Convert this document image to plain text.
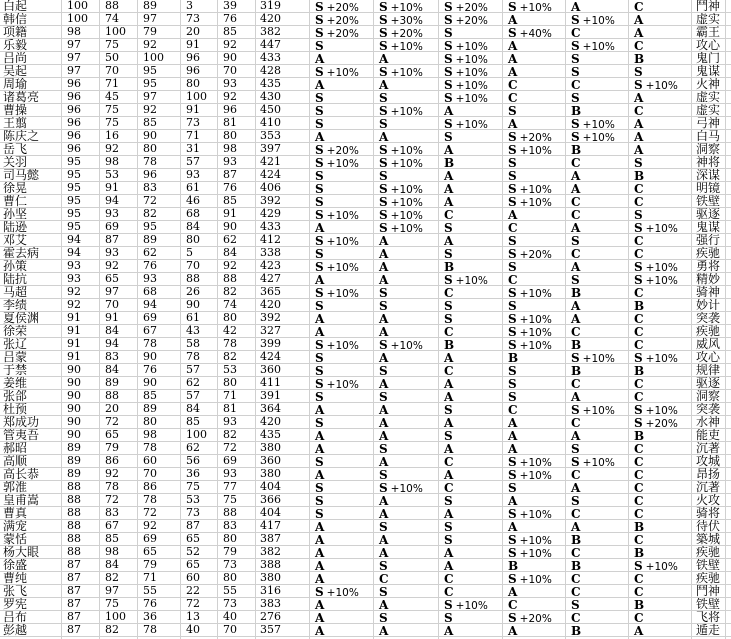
白起	100	88	89	3	39	319	S +20%	S +10%	S +20%	S +10%	A	C	鬥神
韩信	100	74	97	73	76	420	S +20%	S +30%	S +20%	A	S +10%	A	虚实
项籍	98	100	79	20	85	382	S +20%	S +20%	S	S +40%	C	A	霸王
乐毅	97	75	92	91	92	447	S	S +10%	S +10%	A	S +10%	C	攻心
吕尚	97	50	100	96	90	433	A	A	S +10%	A	S	B	鬼门
吴起	97	70	95	96	70	428	S +10%	S +10%	S +10%	A	S	S	鬼谋
周瑜	96	71	95	80	93	435	A	A	S +10%	C	C	S +10%	火神
诸葛亮	96	45	97	100	92	430	S	S	S +10%	C	S	A	虚实
曹操	96	75	92	91	96	450	S	S +10%	A	S	B	C	虚实
王翦	96	75	85	73	81	410	S	S	S +10%	A	S +10%	A	弓神
陈庆之	96	16	90	71	80	353	A	A	S	S +20%	S +10%	A	白马
岳飞	96	92	80	31	98	397	S +20%	S +10%	A	S +10%	B	A	洞察
关羽	95	98	78	57	93	421	S +10%	S +10%	B	S	C	S	神将
司马懿	95	53	96	93	87	424	S	S	A	S	A	B	深谋
徐晃	95	91	83	61	76	406	S	S +10%	A	S +10%	A	C	明镜
曹仁	95	94	72	46	85	392	S	S +10%	A	S +10%	C	C	铁壁
孙坚	95	93	82	68	91	429	S +10%	S +10%	C	A	C	S	驱逐
陆逊	95	69	95	84	90	433	A	S +10%	S	C	A	S +10%	鬼谋
邓艾	94	87	89	80	62	412	S +10%	A	A	S	S	C	强行
霍去病	94	93	62	5	84	338	S	A	S	S +20%	C	C	疾驰
孙策	93	92	76	70	92	423	S +10%	A	B	S	A	S +10%	勇将
陆抗	93	65	93	88	88	427	A	A	S +10%	C	S	S +10%	精妙
马超	92	97	68	26	82	365	S +10%	S	C	S +10%	B	C	骑神
李绩	92	70	94	90	74	420	S	S	S	S	A	B	妙计
夏侯渊	91	91	69	61	80	392	A	A	S	S +10%	A	C	突袭
徐荣	91	84	67	43	42	327	A	A	C	S +10%	C	C	疾驰
张辽	91	94	78	58	78	399	S +10%	S +10%	B	S +10%	B	C	威风
吕蒙	91	83	90	78	82	424	S	A	A	B	S +10%	S +10%	攻心
于禁	90	84	76	57	53	360	S	S	C	S	B	B	规律
姜维	90	89	90	62	80	411	S +10%	A	A	S	C	C	驱逐
张郃	90	88	85	57	71	391	S	S	A	S	A	C	洞察
杜预	90	20	89	84	81	364	A	A	S	C	S +10%	S +10%	突袭
郑成功	90	72	80	85	93	420	S	A	A	A	C	S +20%	水神
管夷吾	90	65	98	100	82	435	A	A	S	A	A	B	能吏
郝昭	89	79	78	62	72	380	A	S	A	A	S	C	沉著
高顺	89	86	60	56	69	360	S	A	C	S +10%	S +10%	C	攻城
高长恭	89	92	70	36	93	380	A	S	A	S +10%	C	C	昂扬
郭淮	88	78	86	75	77	404	S	S +10%	C	S	A	C	沉著
皇甫嵩	88	72	78	53	75	366	S	A	S	A	S	C	火攻
曹真	88	83	72	73	88	404	S	A	A	S +10%	C	C	骑将
满宠	88	67	92	87	83	417	A	S	S	A	A	B	待伏
蒙恬	88	85	69	65	80	387	A	A	S	S +10%	B	C	築城
杨大眼	88	98	65	52	79	382	A	A	A	S +10%	C	B	疾驰
徐盛	87	84	79	65	73	388	A	S	A	B	B	S +10%	铁壁
曹纯	87	82	71	60	80	380	A	C	C	S +10%	C	C	疾驰
张飞	87	97	55	22	55	316	S +10%	S	C	A	C	C	鬥神
罗宪	87	75	76	72	73	383	A	A	S +10%	C	S	B	铁壁
吕布	87	100	36	13	40	276	A	S	S	S +20%	C	C	飞将
彭越	87	82	78	40	70	357	A	A	A	A	B	A	遁走
